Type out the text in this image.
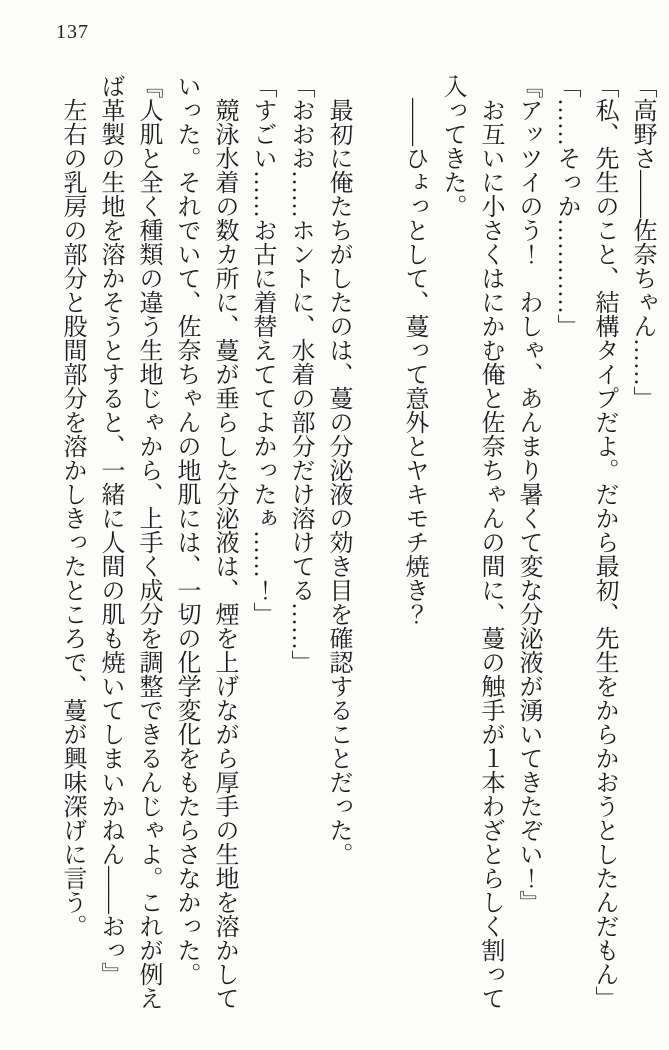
137

「高野さ――佐奈ちゃん……」

「私、先生のこと、結構タイプだよ。だから最初、先生をからかおうとしたんだもん」

「……そっか…………」

『アッツイのう！　わしゃ、あんまり暑くて変な分泌液が湧いてきたぞい！』

　お互いに小さくはにかむ俺と佐奈ちゃんの間に、蔓の触手が１本わざとらしく割って入ってきた。

　――ひょっとして、蔓って意外とヤキモチ焼き？

　最初に俺たちがしたのは、蔓の分泌液の効き目を確認することだった。

「おおお……ホントに、水着の部分だけ溶けてる……」

「すごい……お古に着替えててよかったぁ……！」

　競泳水着の数カ所に、蔓が垂らした分泌液は、煙を上げながら厚手の生地を溶かしていった。それでいて、佐奈ちゃんの地肌には、一切の化学変化をもたらさなかった。

『人肌と全く種類の違う生地じゃから、上手く成分を調整できるんじゃよ。これが例えば革製の生地を溶かそうとすると、一緒に人間の肌も焼いてしまいかねん――おっ』

　左右の乳房の部分と股間部分を溶かしきったところで、蔓が興味深げに言う。
